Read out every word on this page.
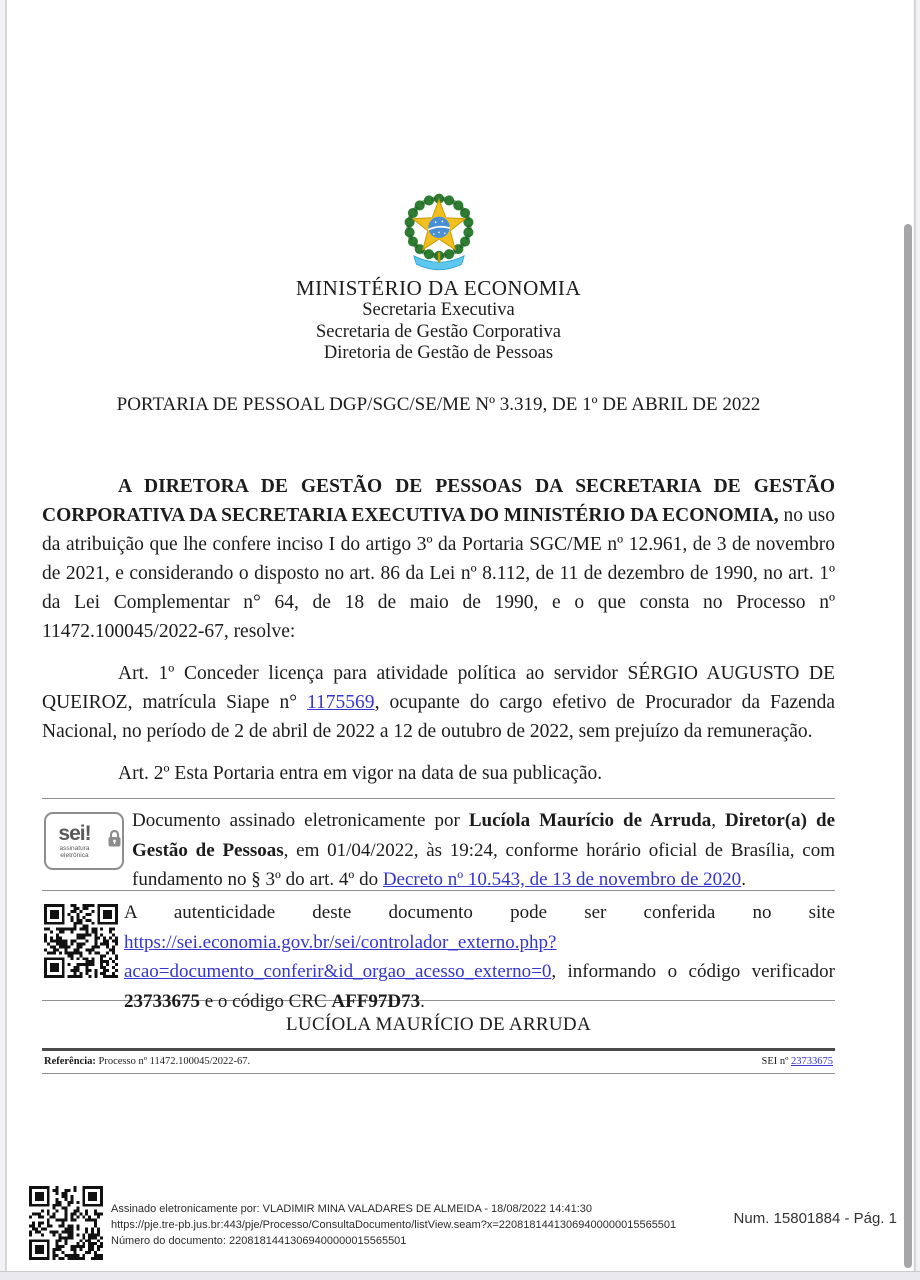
MINISTÉRIO DA ECONOMIA
Secretaria Executiva
Secretaria de Gestão Corporativa
Diretoria de Gestão de Pessoas
PORTARIA DE PESSOAL DGP/SGC/SE/ME Nº 3.319, DE 1º DE ABRIL DE 2022

A DIRETORA DE GESTÃO DE PESSOAS DA SECRETARIA DE GESTÃO CORPORATIVA DA SECRETARIA EXECUTIVA DO MINISTÉRIO DA ECONOMIA, no uso da atribuição que lhe confere inciso I do artigo 3º da Portaria SGC/ME nº 12.961, de 3 de novembro de 2021, e considerando o disposto no art. 86 da Lei nº 8.112, de 11 de dezembro de 1990, no art. 1º da Lei Complementar n° 64, de 18 de maio de 1990, e o que consta no Processo nº 11472.100045/2022-67, resolve:

Art. 1º Conceder licença para atividade política ao servidor SÉRGIO AUGUSTO DE QUEIROZ, matrícula Siape n° 1175569, ocupante do cargo efetivo de Procurador da Fazenda Nacional, no período de 2 de abril de 2022 a 12 de outubro de 2022, sem prejuízo da remuneração.

Art. 2º Esta Portaria entra em vigor na data de sua publicação.

sei!
assinatura eletrônica
Documento assinado eletronicamente por Lucíola Maurício de Arruda, Diretor(a) de Gestão de Pessoas, em 01/04/2022, às 19:24, conforme horário oficial de Brasília, com fundamento no § 3º do art. 4º do Decreto nº 10.543, de 13 de novembro de 2020.
A autenticidade deste documento pode ser conferida no site https://sei.economia.gov.br/sei/controlador_externo.php?acao=documento_conferir&id_orgao_acesso_externo=0, informando o código verificador 23733675 e o código CRC AFF97D73.
LUCÍOLA MAURÍCIO DE ARRUDA
Referência: Processo nº 11472.100045/2022-67.	SEI nº 23733675
Assinado eletronicamente por: VLADIMIR MINA VALADARES DE ALMEIDA - 18/08/2022 14:41:30
https://pje.tre-pb.jus.br:443/pje/Processo/ConsultaDocumento/listView.seam?x=22081814413069400000015565501
Número do documento: 22081814413069400000015565501
Num. 15801884 - Pág. 1
